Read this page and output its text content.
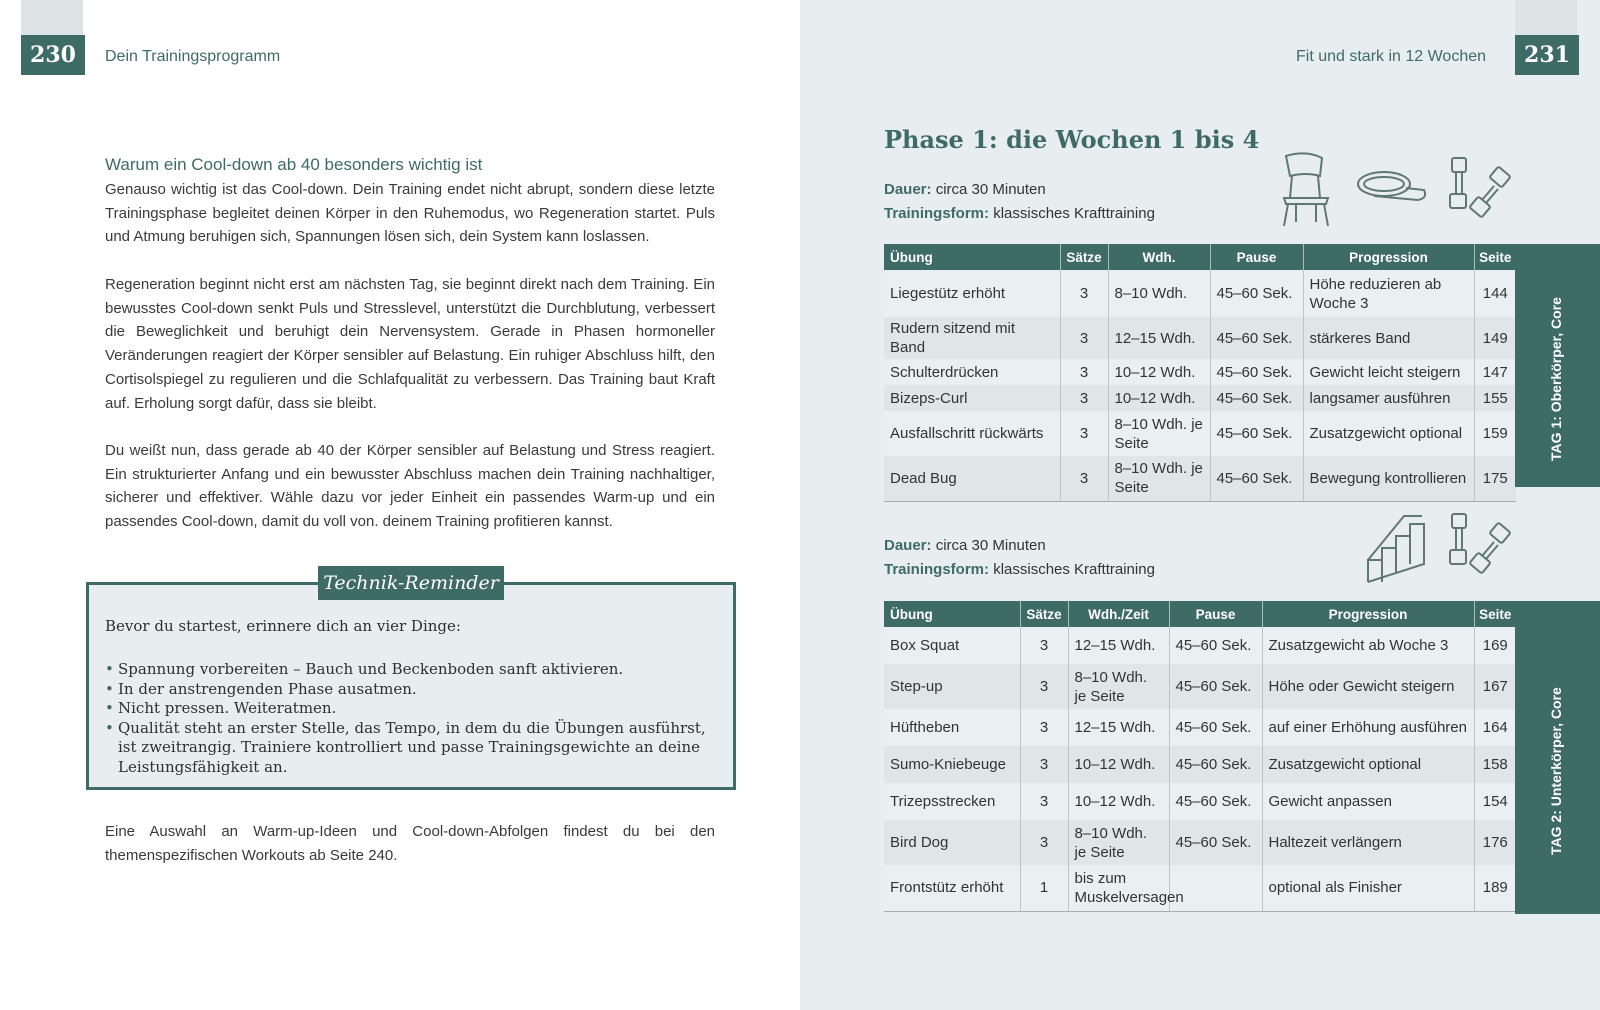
230	Dein Trainingsprogramm
Warum ein Cool-down ab 40 besonders wichtig ist

Genauso wichtig ist das Cool-down. Dein Training endet nicht abrupt, sondern diese letzte Trainingsphase begleitet deinen Körper in den Ruhemodus, wo Regeneration startet. Puls und Atmung beruhigen sich, Spannungen lösen sich, dein System kann loslassen.

Regeneration beginnt nicht erst am nächsten Tag, sie beginnt direkt nach dem Training. Ein bewusstes Cool-down senkt Puls und Stresslevel, unterstützt die Durchblutung, verbessert die Beweglichkeit und beruhigt dein Nervensystem. Gerade in Phasen hormoneller Veränderungen reagiert der Körper sensibler auf Belastung. Ein ruhiger Abschluss hilft, den Cortisolspiegel zu regulieren und die Schlafqualität zu verbessern. Das Training baut Kraft auf. Erholung sorgt dafür, dass sie bleibt.

Du weißt nun, dass gerade ab 40 der Körper sensibler auf Belastung und Stress reagiert. Ein strukturierter Anfang und ein bewusster Abschluss machen dein Training nachhaltiger, sicherer und effektiver. Wähle dazu vor jeder Einheit ein passendes Warm-up und ein passendes Cool-down, damit du voll von. deinem Training profitieren kannst.

Technik-Reminder
Bevor du startest, erinnere dich an vier Dinge:
• Spannung vorbereiten – Bauch und Beckenboden sanft aktivieren.
• In der anstrengenden Phase ausatmen.
• Nicht pressen. Weiteratmen.
• Qualität steht an erster Stelle, das Tempo, in dem du die Übungen ausführst, ist zweitrangig. Trainiere kontrolliert und passe Trainingsgewichte an deine Leistungsfähigkeit an.

Eine Auswahl an Warm-up-Ideen und Cool-down-Abfolgen findest du bei den themenspezifischen Workouts ab Seite 240.

231
Fit und stark in 12 Wochen
Phase 1: die Wochen 1 bis 4
Dauer: circa 30 Minuten
Trainingsform: klassisches Krafttraining
Übung	Sätze	Wdh.	Pause	Progression	Seite
Liegestütz erhöht	3	8–10 Wdh.	45–60 Sek.	Höhe reduzieren ab Woche 3	144
Rudern sitzend mit Band	3	12–15 Wdh.	45–60 Sek.	stärkeres Band	149
Schulterdrücken	3	10–12 Wdh.	45–60 Sek.	Gewicht leicht steigern	147
Bizeps-Curl	3	10–12 Wdh.	45–60 Sek.	langsamer ausführen	155
Ausfallschritt rückwärts	3	8–10 Wdh. je Seite	45–60 Sek.	Zusatzgewicht optional	159
Dead Bug	3	8–10 Wdh. je Seite	45–60 Sek.	Bewegung kontrollieren	175
TAG 1: Oberkörper, Core
Dauer: circa 30 Minuten
Trainingsform: klassisches Krafttraining
Übung	Sätze	Wdh./Zeit	Pause	Progression	Seite
Box Squat	3	12–15 Wdh.	45–60 Sek.	Zusatzgewicht ab Woche 3	169
Step-up	3	8–10 Wdh. je Seite	45–60 Sek.	Höhe oder Gewicht steigern	167
Hüftheben	3	12–15 Wdh.	45–60 Sek.	auf einer Erhöhung ausführen	164
Sumo-Kniebeuge	3	10–12 Wdh.	45–60 Sek.	Zusatzgewicht optional	158
Trizepsstrecken	3	10–12 Wdh.	45–60 Sek.	Gewicht anpassen	154
Bird Dog	3	8–10 Wdh. je Seite	45–60 Sek.	Haltezeit verlängern	176
Frontstütz erhöht	1	bis zum Muskelversagen		optional als Finisher	189
TAG 2: Unterkörper, Core
